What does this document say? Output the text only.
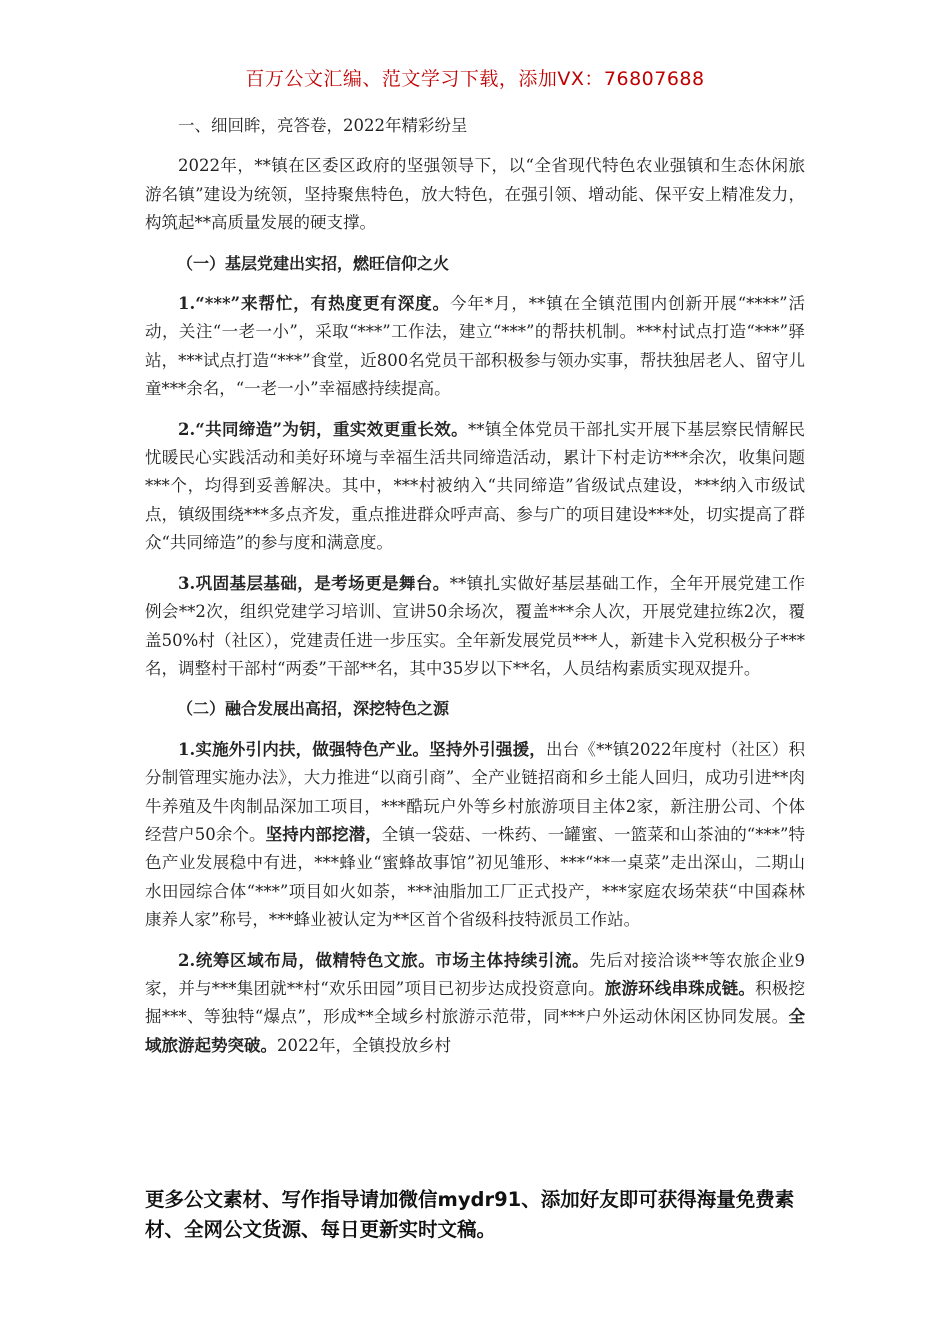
百万公文汇编、范文学习下载，添加VX：76807688

一、细回眸，亮答卷，2022年精彩纷呈

2022年，**镇在区委区政府的坚强领导下，以“全省现代特色农业强镇和生态休闲旅游名镇”建设为统领，坚持聚焦特色，放大特色，在强引领、增动能、保平安上精准发力，构筑起**高质量发展的硬支撑。

（一）基层党建出实招，燃旺信仰之火

1.“***”来帮忙，有热度更有深度。今年*月，**镇在全镇范围内创新开展“****”活动，关注“一老一小”，采取“***”工作法，建立“***”的帮扶机制。***村试点打造“***”驿站，***试点打造“***”食堂，近800名党员干部积极参与领办实事，帮扶独居老人、留守儿童***余名，“一老一小”幸福感持续提高。

2.“共同缔造”为钥，重实效更重长效。**镇全体党员干部扎实开展下基层察民情解民忧暖民心实践活动和美好环境与幸福生活共同缔造活动，累计下村走访***余次，收集问题***个，均得到妥善解决。其中，***村被纳入“共同缔造”省级试点建设，***纳入市级试点，镇级围绕***多点齐发，重点推进群众呼声高、参与广的项目建设***处，切实提高了群众“共同缔造”的参与度和满意度。

3.巩固基层基础，是考场更是舞台。**镇扎实做好基层基础工作，全年开展党建工作例会**2次，组织党建学习培训、宣讲50余场次，覆盖***余人次，开展党建拉练2次，覆盖50%村（社区），党建责任进一步压实。全年新发展党员***人，新建卡入党积极分子***名，调整村干部村“两委”干部**名，其中35岁以下**名，人员结构素质实现双提升。

（二）融合发展出高招，深挖特色之源

1.实施外引内扶，做强特色产业。坚持外引强援，出台《**镇2022年度村（社区）积分制管理实施办法》，大力推进“以商引商”、全产业链招商和乡土能人回归，成功引进**肉牛养殖及牛肉制品深加工项目，***酷玩户外等乡村旅游项目主体2家，新注册公司、个体经营户50余个。坚持内部挖潜，全镇一袋菇、一株药、一罐蜜、一篮菜和山茶油的“***”特色产业发展稳中有进，***蜂业“蜜蜂故事馆”初见雏形、***“**一桌菜”走出深山，二期山水田园综合体“***”项目如火如荼，***油脂加工厂正式投产，***家庭农场荣获“中国森林康养人家”称号，***蜂业被认定为**区首个省级科技特派员工作站。

2.统筹区域布局，做精特色文旅。市场主体持续引流。先后对接洽谈**等农旅企业9家，并与***集团就**村“欢乐田园”项目已初步达成投资意向。旅游环线串珠成链。积极挖掘***、等独特“爆点”，形成**全域乡村旅游示范带，同***户外运动休闲区协同发展。全域旅游起势突破。2022年，全镇投放乡村

更多公文素材、写作指导请加微信mydr91、添加好友即可获得海量免费素材、全网公文货源、每日更新实时文稿。
